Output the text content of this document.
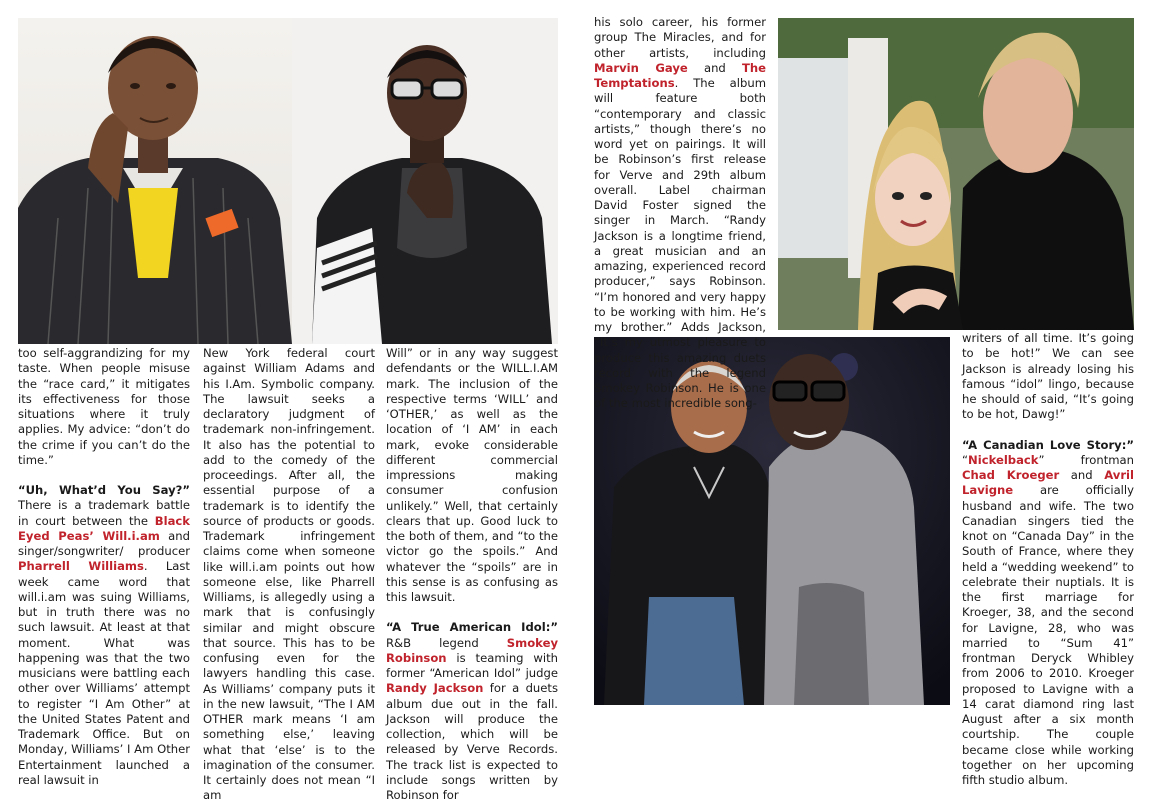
too self-aggrandizing for my taste. When people misuse the “race card,” it mitigates its effectiveness for those situations where it truly applies. My advice: “don’t do the crime if you can’t do the time.”

“Uh, What’d You Say?” There is a trademark battle in court between the Black Eyed Peas’ Will.i.am and singer/songwriter/ producer Pharrell Williams. Last week came word that will.i.am was suing Williams, but in truth there was no such lawsuit. At least at that moment. What was happening was that the two musicians were battling each other over Williams’ attempt to register “I Am Other” at the United States Patent and Trademark Office. But on Monday, Williams’ I Am Other Entertainment launched a real lawsuit in

New York federal court against William Adams and his I.Am. Symbolic company. The lawsuit seeks a declaratory judgment of trademark non-infringement. It also has the potential to add to the comedy of the proceedings. After all, the essential purpose of a trademark is to identify the source of products or goods. Trademark infringement claims come when someone like will.i.am points out how someone else, like Pharrell Williams, is allegedly using a mark that is confusingly similar and might obscure that source. This has to be confusing even for the lawyers handling this case. As Williams’ company puts it in the new lawsuit, “The I AM OTHER mark means ‘I am something else,’ leaving what that ‘else’ is to the imagination of the consumer. It certainly does not mean “I am

Will” or in any way suggest defendants or the WILL.I.AM mark. The inclusion of the respective terms ‘WILL’ and ‘OTHER,’ as well as the location of ‘I AM’ in each mark, evoke considerable different commercial impressions making consumer confusion unlikely.” Well, that certainly clears that up. Good luck to the both of them, and “to the victor go the spoils.” And whatever the “spoils” are in this sense is as confusing as this lawsuit.

“A True American Idol:” R&B legend Smokey Robinson is teaming with former “American Idol” judge Randy Jackson for a duets album due out in the fall. Jackson will produce the collection, which will be released by Verve Records. The track list is expected to include songs written by Robinson for

his solo career, his former group The Miracles, and for other artists, including Marvin Gaye and The Temptations. The album will feature both “contemporary and classic artists,” though there’s no word yet on pairings. It will be Robinson’s first release for Verve and 29th album overall. Label chairman David Foster signed the singer in March. “Randy Jackson is a longtime friend, a great musician and an amazing, experienced record producer,” says Robinson. “I’m honored and very happy to be working with him. He’s my brother.” Adds Jackson, “It’s my utmost pleasure to produce this amazing duets record with the legend Smokey Robinson. He is one of the most incredible song-

writers of all time. It’s going to be hot!” We can see Jackson is already losing his famous “idol” lingo, because he should of said, “It’s going to be hot, Dawg!”

“A Canadian Love Story:” “Nickelback” frontman Chad Kroeger and Avril Lavigne are officially husband and wife. The two Canadian singers tied the knot on “Canada Day” in the South of France, where they held a “wedding weekend” to celebrate their nuptials. It is the first marriage for Kroeger, 38, and the second for Lavigne, 28, who was married to “Sum 41” frontman Deryck Whibley from 2006 to 2010. Kroeger proposed to Lavigne with a 14 carat diamond ring last August after a six month courtship. The couple became close while working together on her upcoming fifth studio album.
